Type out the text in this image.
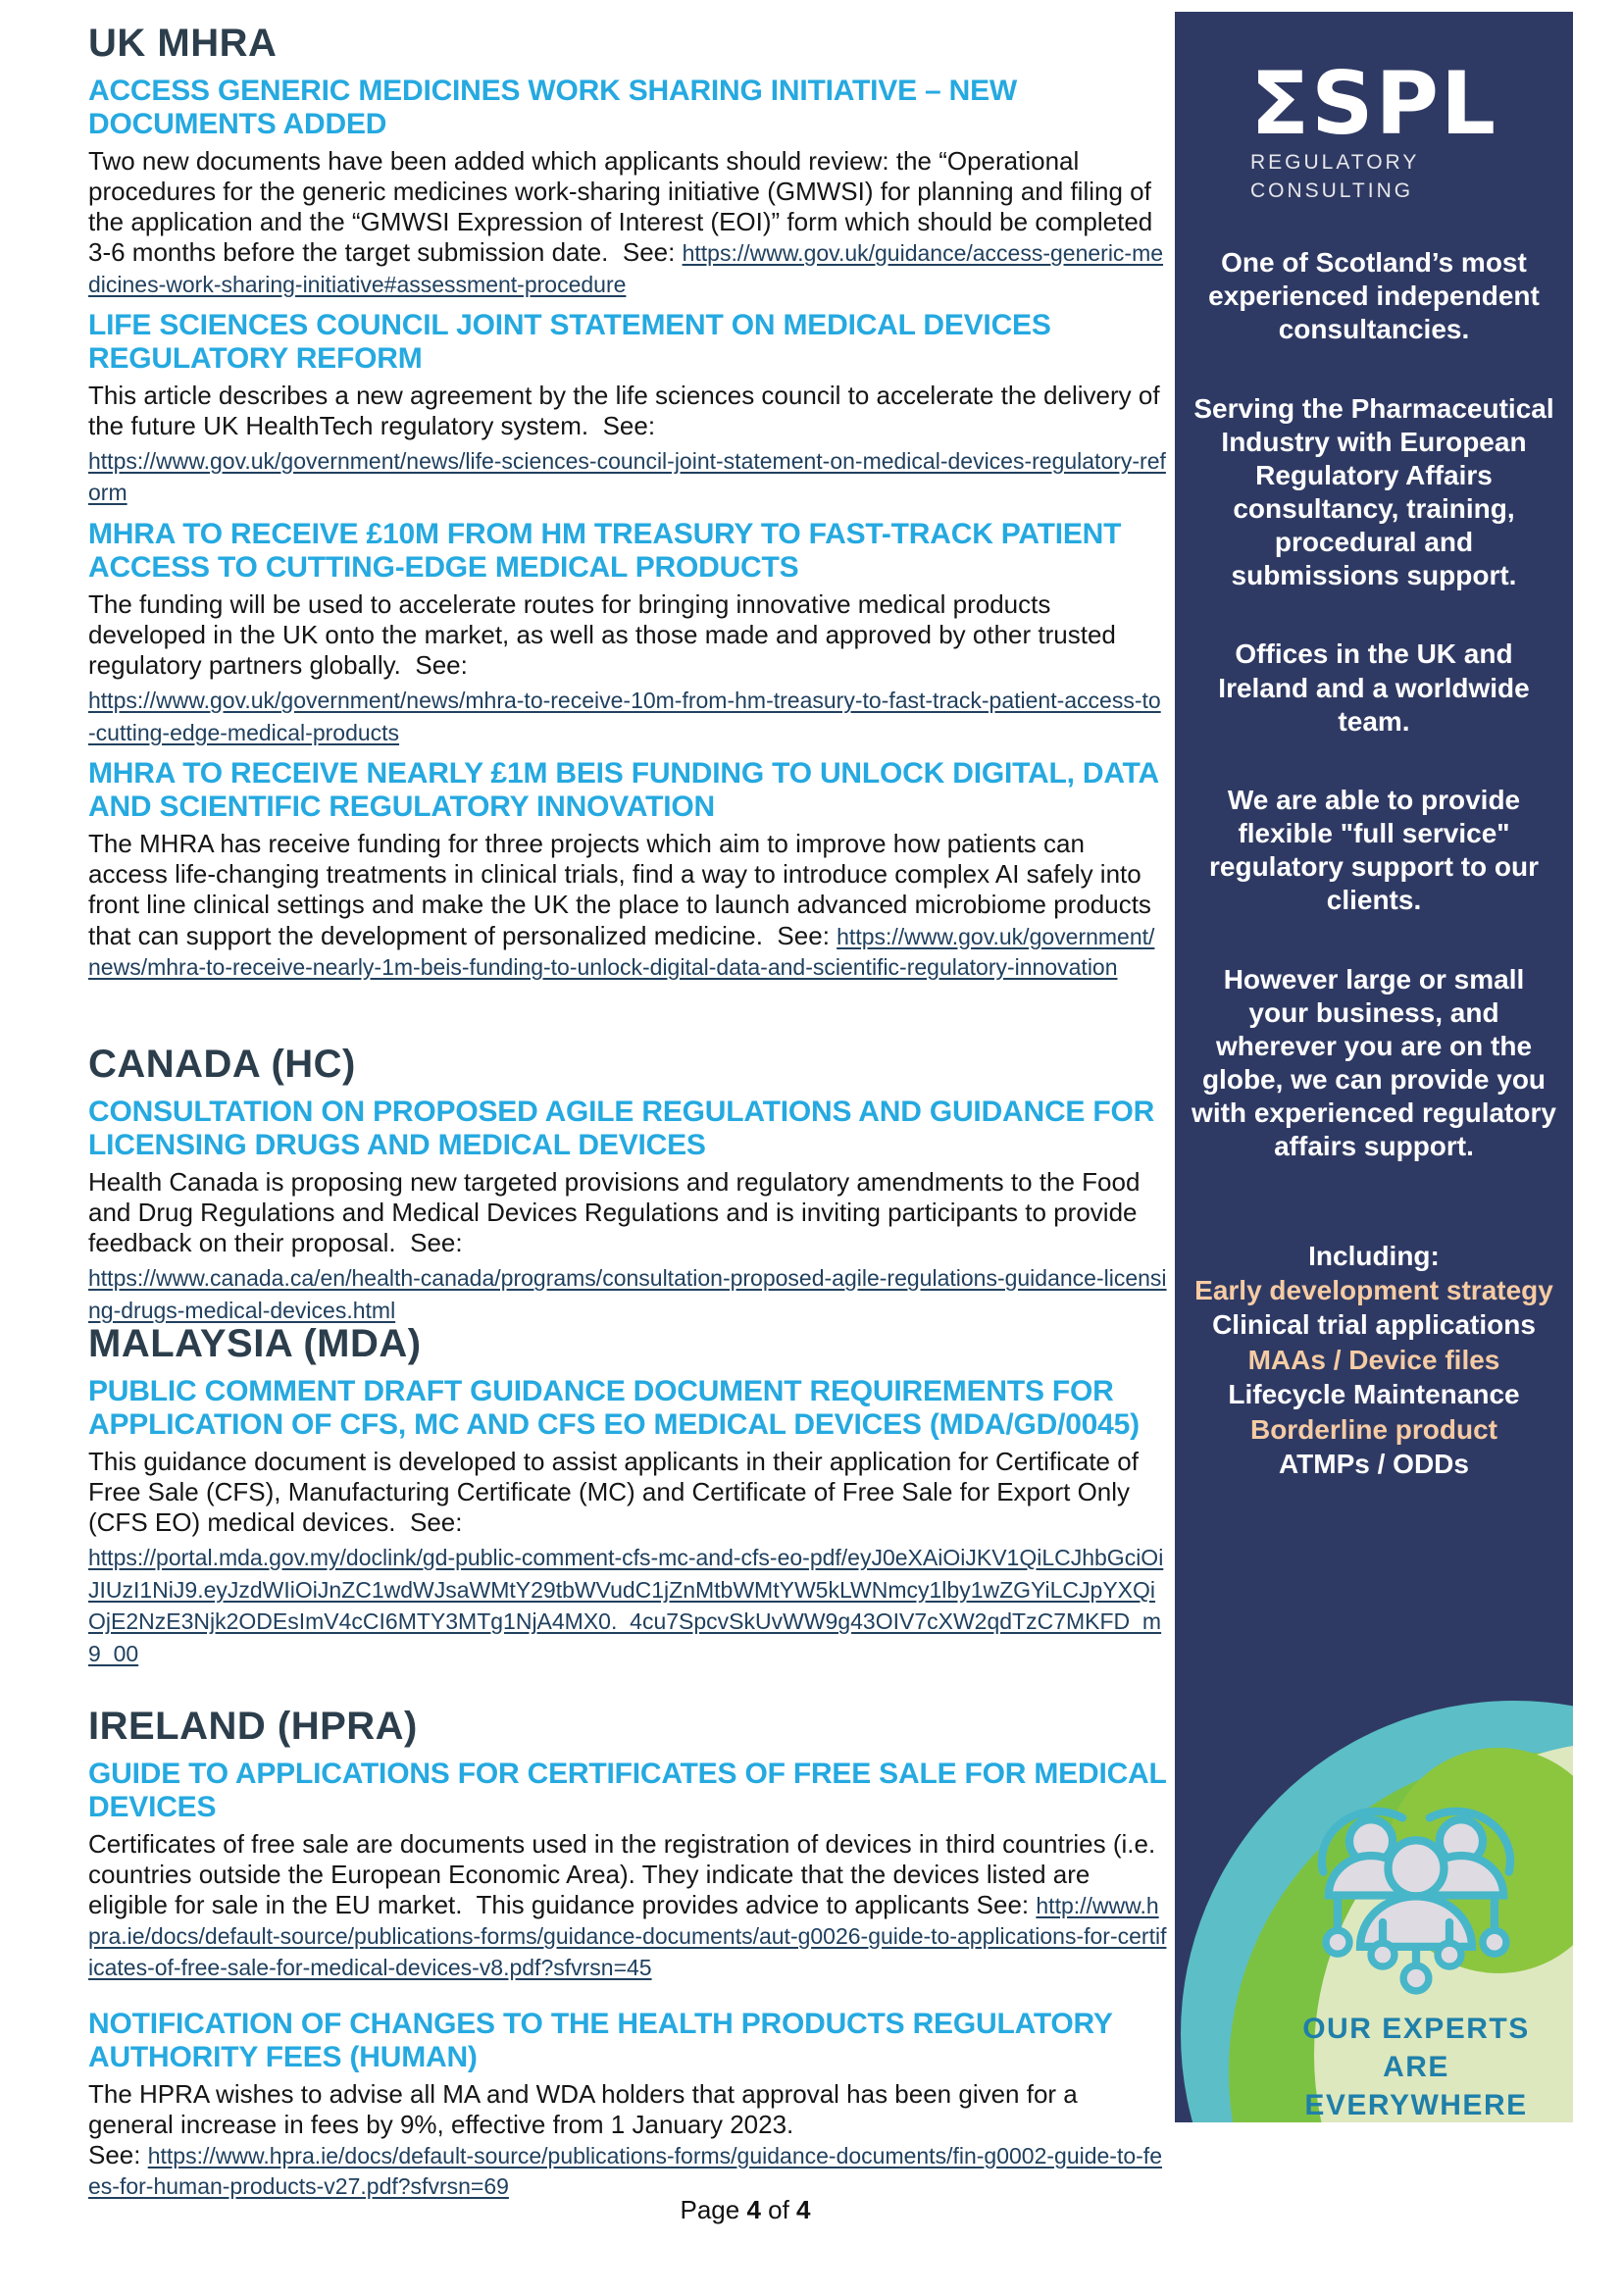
UK MHRA
ACCESS GENERIC MEDICINES WORK SHARING INITIATIVE – NEW DOCUMENTS ADDED

Two new documents have been added which applicants should review: the “Operational procedures for the generic medicines work-sharing initiative (GMWSI) for planning and filing of the application and the “GMWSI Expression of Interest (EOI)” form which should be completed 3-6 months before the target submission date.  See: https://www.gov.uk/guidance/access-generic-medicines-work-sharing-initiative#assessment-procedure

LIFE SCIENCES COUNCIL JOINT STATEMENT ON MEDICAL DEVICES REGULATORY REFORM

This article describes a new agreement by the life sciences council to accelerate the delivery of the future UK HealthTech regulatory system.  See:

https://www.gov.uk/government/news/life-sciences-council-joint-statement-on-medical-devices-regulatory-reform

MHRA TO RECEIVE £10M FROM HM TREASURY TO FAST-TRACK PATIENT ACCESS TO CUTTING-EDGE MEDICAL PRODUCTS

The funding will be used to accelerate routes for bringing innovative medical products developed in the UK onto the market, as well as those made and approved by other trusted regulatory partners globally.  See:

https://www.gov.uk/government/news/mhra-to-receive-10m-from-hm-treasury-to-fast-track-patient-access-to-cutting-edge-medical-products

MHRA TO RECEIVE NEARLY £1M BEIS FUNDING TO UNLOCK DIGITAL, DATA AND SCIENTIFIC REGULATORY INNOVATION

The MHRA has receive funding for three projects which aim to improve how patients can access life-changing treatments in clinical trials, find a way to introduce complex AI safely into front line clinical settings and make the UK the place to launch advanced microbiome products that can support the development of personalized medicine.  See: https://www.gov.uk/government/news/mhra-to-receive-nearly-1m-beis-funding-to-unlock-digital-data-and-scientific-regulatory-innovation

CANADA (HC)
CONSULTATION ON PROPOSED AGILE REGULATIONS AND GUIDANCE FOR LICENSING DRUGS AND MEDICAL DEVICES

Health Canada is proposing new targeted provisions and regulatory amendments to the Food and Drug Regulations and Medical Devices Regulations and is inviting participants to provide feedback on their proposal.  See:

https://www.canada.ca/en/health-canada/programs/consultation-proposed-agile-regulations-guidance-licensing-drugs-medical-devices.html

MALAYSIA (MDA)
PUBLIC COMMENT DRAFT GUIDANCE DOCUMENT REQUIREMENTS FOR APPLICATION OF CFS, MC AND CFS EO MEDICAL DEVICES (MDA/GD/0045)

This guidance document is developed to assist applicants in their application for Certificate of Free Sale (CFS), Manufacturing Certificate (MC) and Certificate of Free Sale for Export Only (CFS EO) medical devices.  See:

https://portal.mda.gov.my/doclink/gd-public-comment-cfs-mc-and-cfs-eo-pdf/eyJ0eXAiOiJKV1QiLCJhbGciOiJIUzI1NiJ9.eyJzdWIiOiJnZC1wdWJsaWMtY29tbWVudC1jZnMtbWMtYW5kLWNmcy1lby1wZGYiLCJpYXQiOjE2NzE3Njk2ODEsImV4cCI6MTY3MTg1NjA4MX0._4cu7SpcvSkUvWW9g43OIV7cXW2qdTzC7MKFD_m9_00

IRELAND (HPRA)
GUIDE TO APPLICATIONS FOR CERTIFICATES OF FREE SALE FOR MEDICAL DEVICES

Certificates of free sale are documents used in the registration of devices in third countries (i.e. countries outside the European Economic Area). They indicate that the devices listed are eligible for sale in the EU market.  This guidance provides advice to applicants See: http://www.hpra.ie/docs/default-source/publications-forms/guidance-documents/aut-g0026-guide-to-applications-for-certificates-of-free-sale-for-medical-devices-v8.pdf?sfvrsn=45

NOTIFICATION OF CHANGES TO THE HEALTH PRODUCTS REGULATORY AUTHORITY FEES (HUMAN)

The HPRA wishes to advise all MA and WDA holders that approval has been given for a general increase in fees by 9%, effective from 1 January 2023.

See: https://www.hpra.ie/docs/default-source/publications-forms/guidance-documents/fin-g0002-guide-to-fees-for-human-products-v27.pdf?sfvrsn=69

Page 4 of 4
ΣSPL
REGULATORY
CONSULTING

One of Scotland’s most experienced independent consultancies.

Serving the Pharmaceutical Industry with European Regulatory Affairs consultancy, training, procedural and submissions support.

Offices in the UK and Ireland and a worldwide team.

We are able to provide flexible "full service" regulatory support to our clients.

However large or small your business, and wherever you are on the globe, we can provide you with experienced regulatory affairs support.

Including:

Early development strategy

Clinical trial applications

MAAs / Device files

Lifecycle Maintenance

Borderline product

ATMPs / ODDs

OUR EXPERTS
ARE
EVERYWHERE
